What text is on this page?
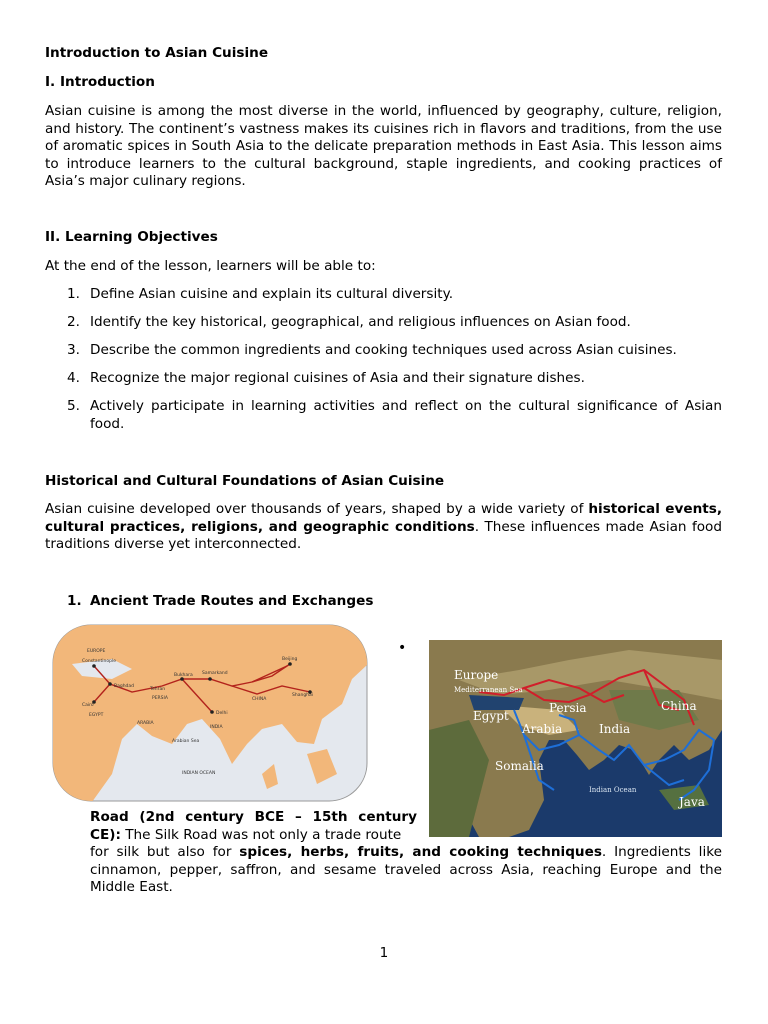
Introduction to Asian Cuisine

I. Introduction

Asian cuisine is among the most diverse in the world, influenced by geography, culture, religion, and history. The continent’s vastness makes its cuisines rich in flavors and traditions, from the use of aromatic spices in South Asia to the delicate preparation methods in East Asia. This lesson aims to introduce learners to the cultural background, staple ingredients, and cooking practices of Asia’s major culinary regions.

II. Learning Objectives

At the end of the lesson, learners will be able to:

1. Define Asian cuisine and explain its cultural diversity.
2. Identify the key historical, geographical, and religious influences on Asian food.
3. Describe the common ingredients and cooking techniques used across Asian cuisines.
4. Recognize the major regional cuisines of Asia and their signature dishes.
5. Actively participate in learning activities and reflect on the cultural significance of Asian food.

Historical and Cultural Foundations of Asian Cuisine

Asian cuisine developed over thousands of years, shaped by a wide variety of historical events, cultural practices, religions, and geographic conditions. These influences made Asian food traditions diverse yet interconnected.

1. Ancient Trade Routes and Exchanges

EUROPE
Constantinople
Baghdad
Cairo
EGYPT
ARABIA
PERSIA
Bukhara Samarkand
Tehran
Delhi
INDIA
CHINA
Beijing
Shanghai
Arabian Sea
INDIAN OCEAN
•
Europe
Mediterranean Sea
Egypt
Arabia
Persia
India
China
Somalia
Indian Ocean
Java

Road (2nd century BCE – 15th century
CE): The Silk Road was not only a trade route
for silk but also for spices, herbs, fruits, and cooking techniques. Ingredients like cinnamon, pepper, saffron, and sesame traveled across Asia, reaching Europe and the Middle East.

1
